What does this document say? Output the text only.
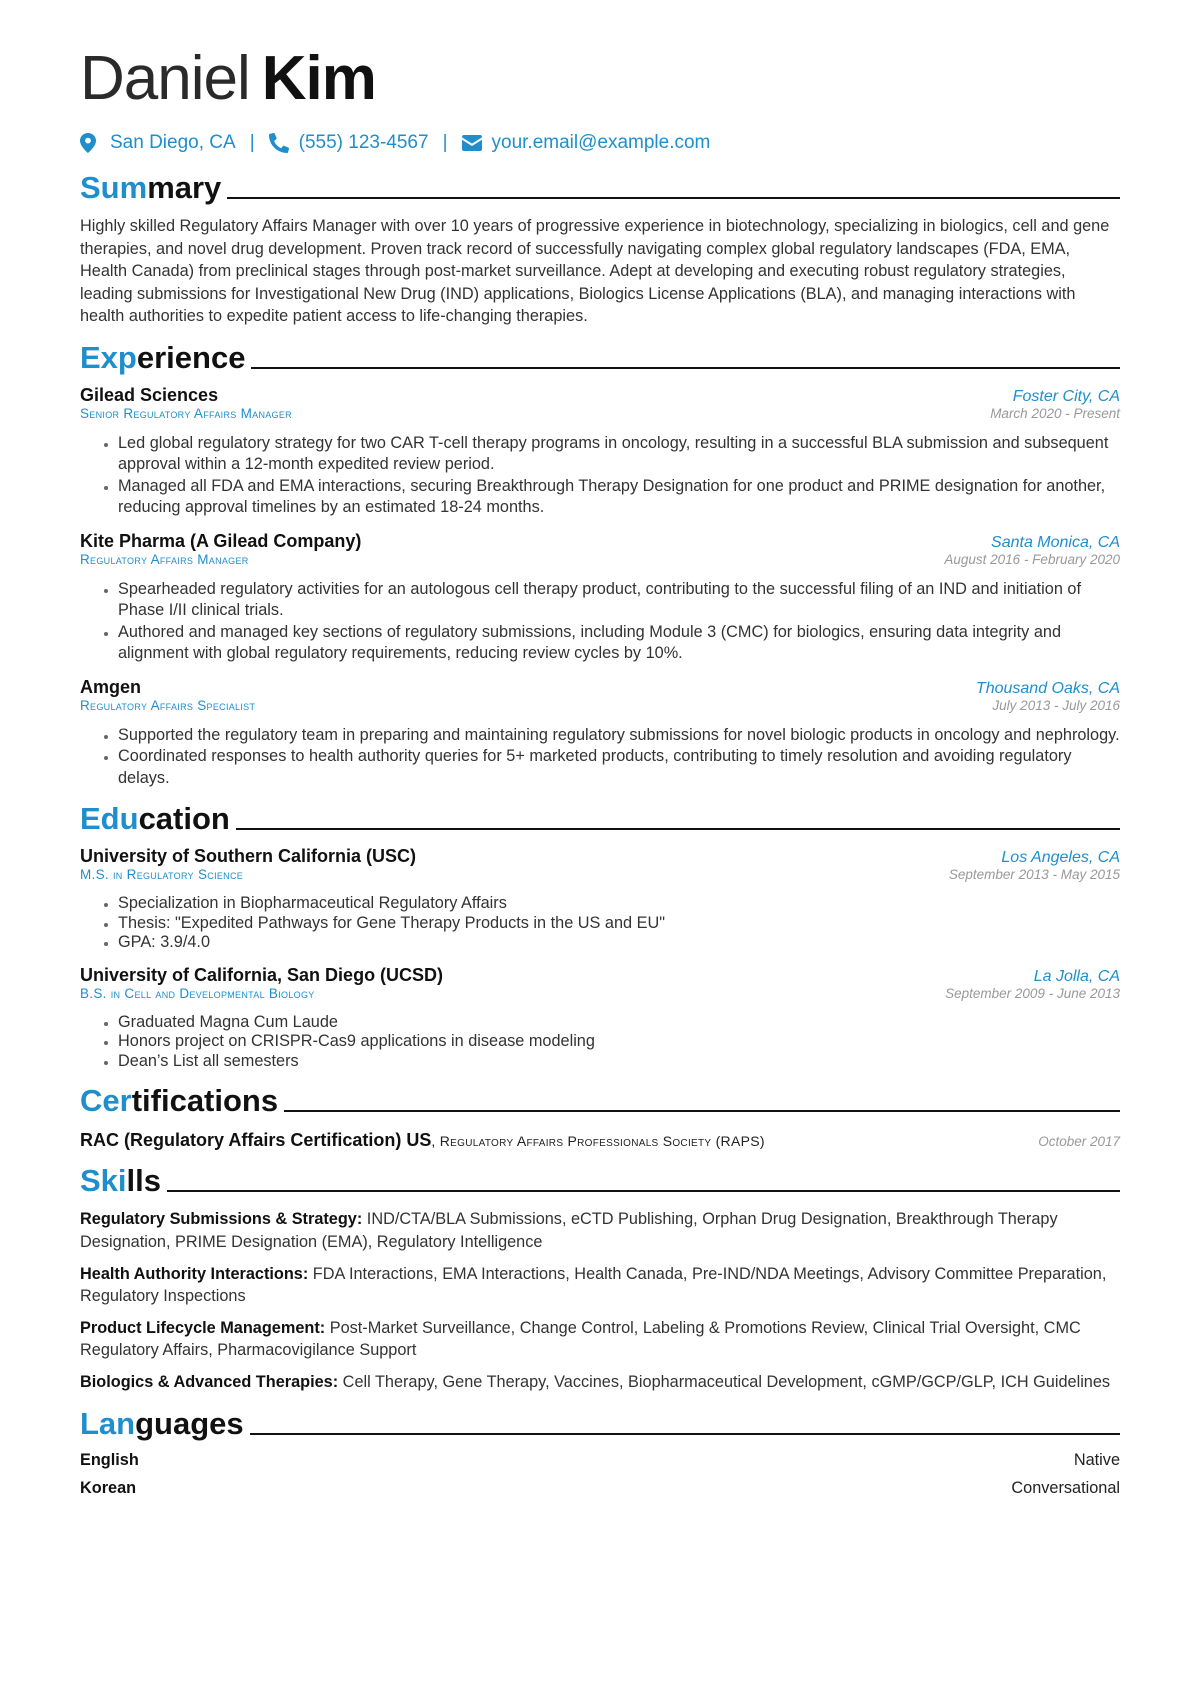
Daniel Kim
San Diego, CA | (555) 123-4567 | your.email@example.com
Summary
Highly skilled Regulatory Affairs Manager with over 10 years of progressive experience in biotechnology, specializing in biologics, cell and gene therapies, and novel drug development. Proven track record of successfully navigating complex global regulatory landscapes (FDA, EMA, Health Canada) from preclinical stages through post-market surveillance. Adept at developing and executing robust regulatory strategies, leading submissions for Investigational New Drug (IND) applications, Biologics License Applications (BLA), and managing interactions with health authorities to expedite patient access to life-changing therapies.
Experience
Gilead Sciences	Foster City, CA
Senior Regulatory Affairs Manager	March 2020 - Present
• Led global regulatory strategy for two CAR T-cell therapy programs in oncology, resulting in a successful BLA submission and subsequent approval within a 12-month expedited review period.
• Managed all FDA and EMA interactions, securing Breakthrough Therapy Designation for one product and PRIME designation for another, reducing approval timelines by an estimated 18-24 months.
Kite Pharma (A Gilead Company)	Santa Monica, CA
Regulatory Affairs Manager	August 2016 - February 2020
• Spearheaded regulatory activities for an autologous cell therapy product, contributing to the successful filing of an IND and initiation of Phase I/II clinical trials.
• Authored and managed key sections of regulatory submissions, including Module 3 (CMC) for biologics, ensuring data integrity and alignment with global regulatory requirements, reducing review cycles by 10%.
Amgen	Thousand Oaks, CA
Regulatory Affairs Specialist	July 2013 - July 2016
• Supported the regulatory team in preparing and maintaining regulatory submissions for novel biologic products in oncology and nephrology.
• Coordinated responses to health authority queries for 5+ marketed products, contributing to timely resolution and avoiding regulatory delays.
Education
University of Southern California (USC)	Los Angeles, CA
M.S. in Regulatory Science	September 2013 - May 2015
• Specialization in Biopharmaceutical Regulatory Affairs
• Thesis: "Expedited Pathways for Gene Therapy Products in the US and EU"
• GPA: 3.9/4.0
University of California, San Diego (UCSD)	La Jolla, CA
B.S. in Cell and Developmental Biology	September 2009 - June 2013
• Graduated Magna Cum Laude
• Honors project on CRISPR-Cas9 applications in disease modeling
• Dean’s List all semesters
Certifications
RAC (Regulatory Affairs Certification) US, Regulatory Affairs Professionals Society (RAPS)	October 2017
Skills
Regulatory Submissions & Strategy: IND/CTA/BLA Submissions, eCTD Publishing, Orphan Drug Designation, Breakthrough Therapy Designation, PRIME Designation (EMA), Regulatory Intelligence
Health Authority Interactions: FDA Interactions, EMA Interactions, Health Canada, Pre-IND/NDA Meetings, Advisory Committee Preparation, Regulatory Inspections
Product Lifecycle Management: Post-Market Surveillance, Change Control, Labeling & Promotions Review, Clinical Trial Oversight, CMC Regulatory Affairs, Pharmacovigilance Support
Biologics & Advanced Therapies: Cell Therapy, Gene Therapy, Vaccines, Biopharmaceutical Development, cGMP/GCP/GLP, ICH Guidelines
Languages
English	Native
Korean	Conversational
